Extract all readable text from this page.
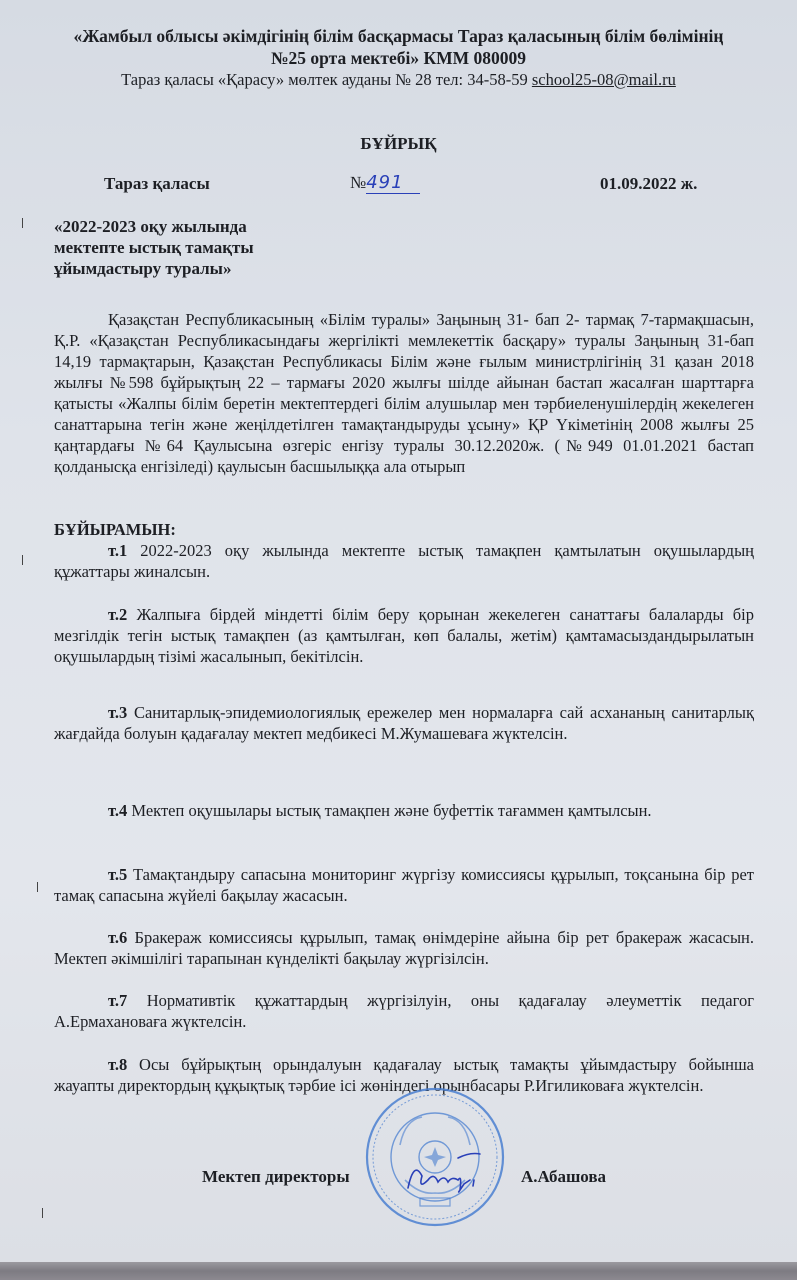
«Жамбыл облысы әкімдігінің білім басқармасы Тараз қаласының білім бөлімінің
№25 орта мектебі» КММ 080009
Тараз қаласы «Қарасу» мөлтек ауданы № 28 тел: 34-58-59 school25-08@mail.ru
БҰЙРЫҚ
Тараз қаласы	№491	01.09.2022 ж.
«2022-2023 оқу жылында
мектепте ыстық тамақты
ұйымдастыру туралы»
Қазақстан Республикасының «Білім туралы» Заңының 31- бап 2- тармақ 7-тармақшасын, Қ.Р. «Қазақстан Республикасындағы жергілікті мемлекеттік басқару» туралы Заңының 31-бап 14,19 тармақтарын, Қазақстан Республикасы Білім және ғылым министрлігінің 31 қазан 2018 жылғы №598 бұйрықтың 22 – тармағы 2020 жылғы шілде айынан бастап жасалған шарттарға қатысты «Жалпы білім беретін мектептердегі білім алушылар мен тәрбиеленушілердің жекелеген санаттарына тегін және жеңілдетілген тамақтандыруды ұсыну» ҚР Үкіметінің 2008 жылғы 25 қаңтардағы №64 Қаулысына өзгеріс енгізу туралы 30.12.2020ж. (№949 01.01.2021 бастап қолданысқа енгізіледі) қаулысын басшылыққа ала отырып
БҰЙЫРАМЫН:
т.1 2022-2023 оқу жылында мектепте ыстық тамақпен қамтылатын оқушылардың құжаттары жиналсын.
т.2 Жалпыға бірдей міндетті білім беру қорынан жекелеген санаттағы балаларды бір мезгілдік тегін ыстық тамақпен (аз қамтылған, көп балалы, жетім) қамтамасыздандырылатын оқушылардың тізімі жасалынып, бекітілсін.
т.3 Санитарлық-эпидемиологиялық ережелер мен нормаларға сай асхананың санитарлық жағдайда болуын қадағалау мектеп медбикесі М.Жумашеваға жүктелсін.
т.4 Мектеп оқушылары ыстық тамақпен және буфеттік тағаммен қамтылсын.
т.5 Тамақтандыру сапасына мониторинг жүргізу комиссиясы құрылып, тоқсанына бір рет тамақ сапасына жүйелі бақылау жасасын.
т.6 Бракераж комиссиясы құрылып, тамақ өнімдеріне айына бір рет бракераж жасасын. Мектеп әкімшілігі тарапынан күнделікті бақылау жүргізілсін.
т.7 Нормативтік құжаттардың жүргізілуін, оны қадағалау әлеуметтік педагог А.Ермахановаға жүктелсін.
т.8 Осы бұйрықтың орындалуын қадағалау ыстық тамақты ұйымдастыру бойынша жауапты директордың құқықтық тәрбие ісі жөніндегі орынбасары Р.Игиликоваға жүктелсін.
Мектеп директоры	А.Абашова
